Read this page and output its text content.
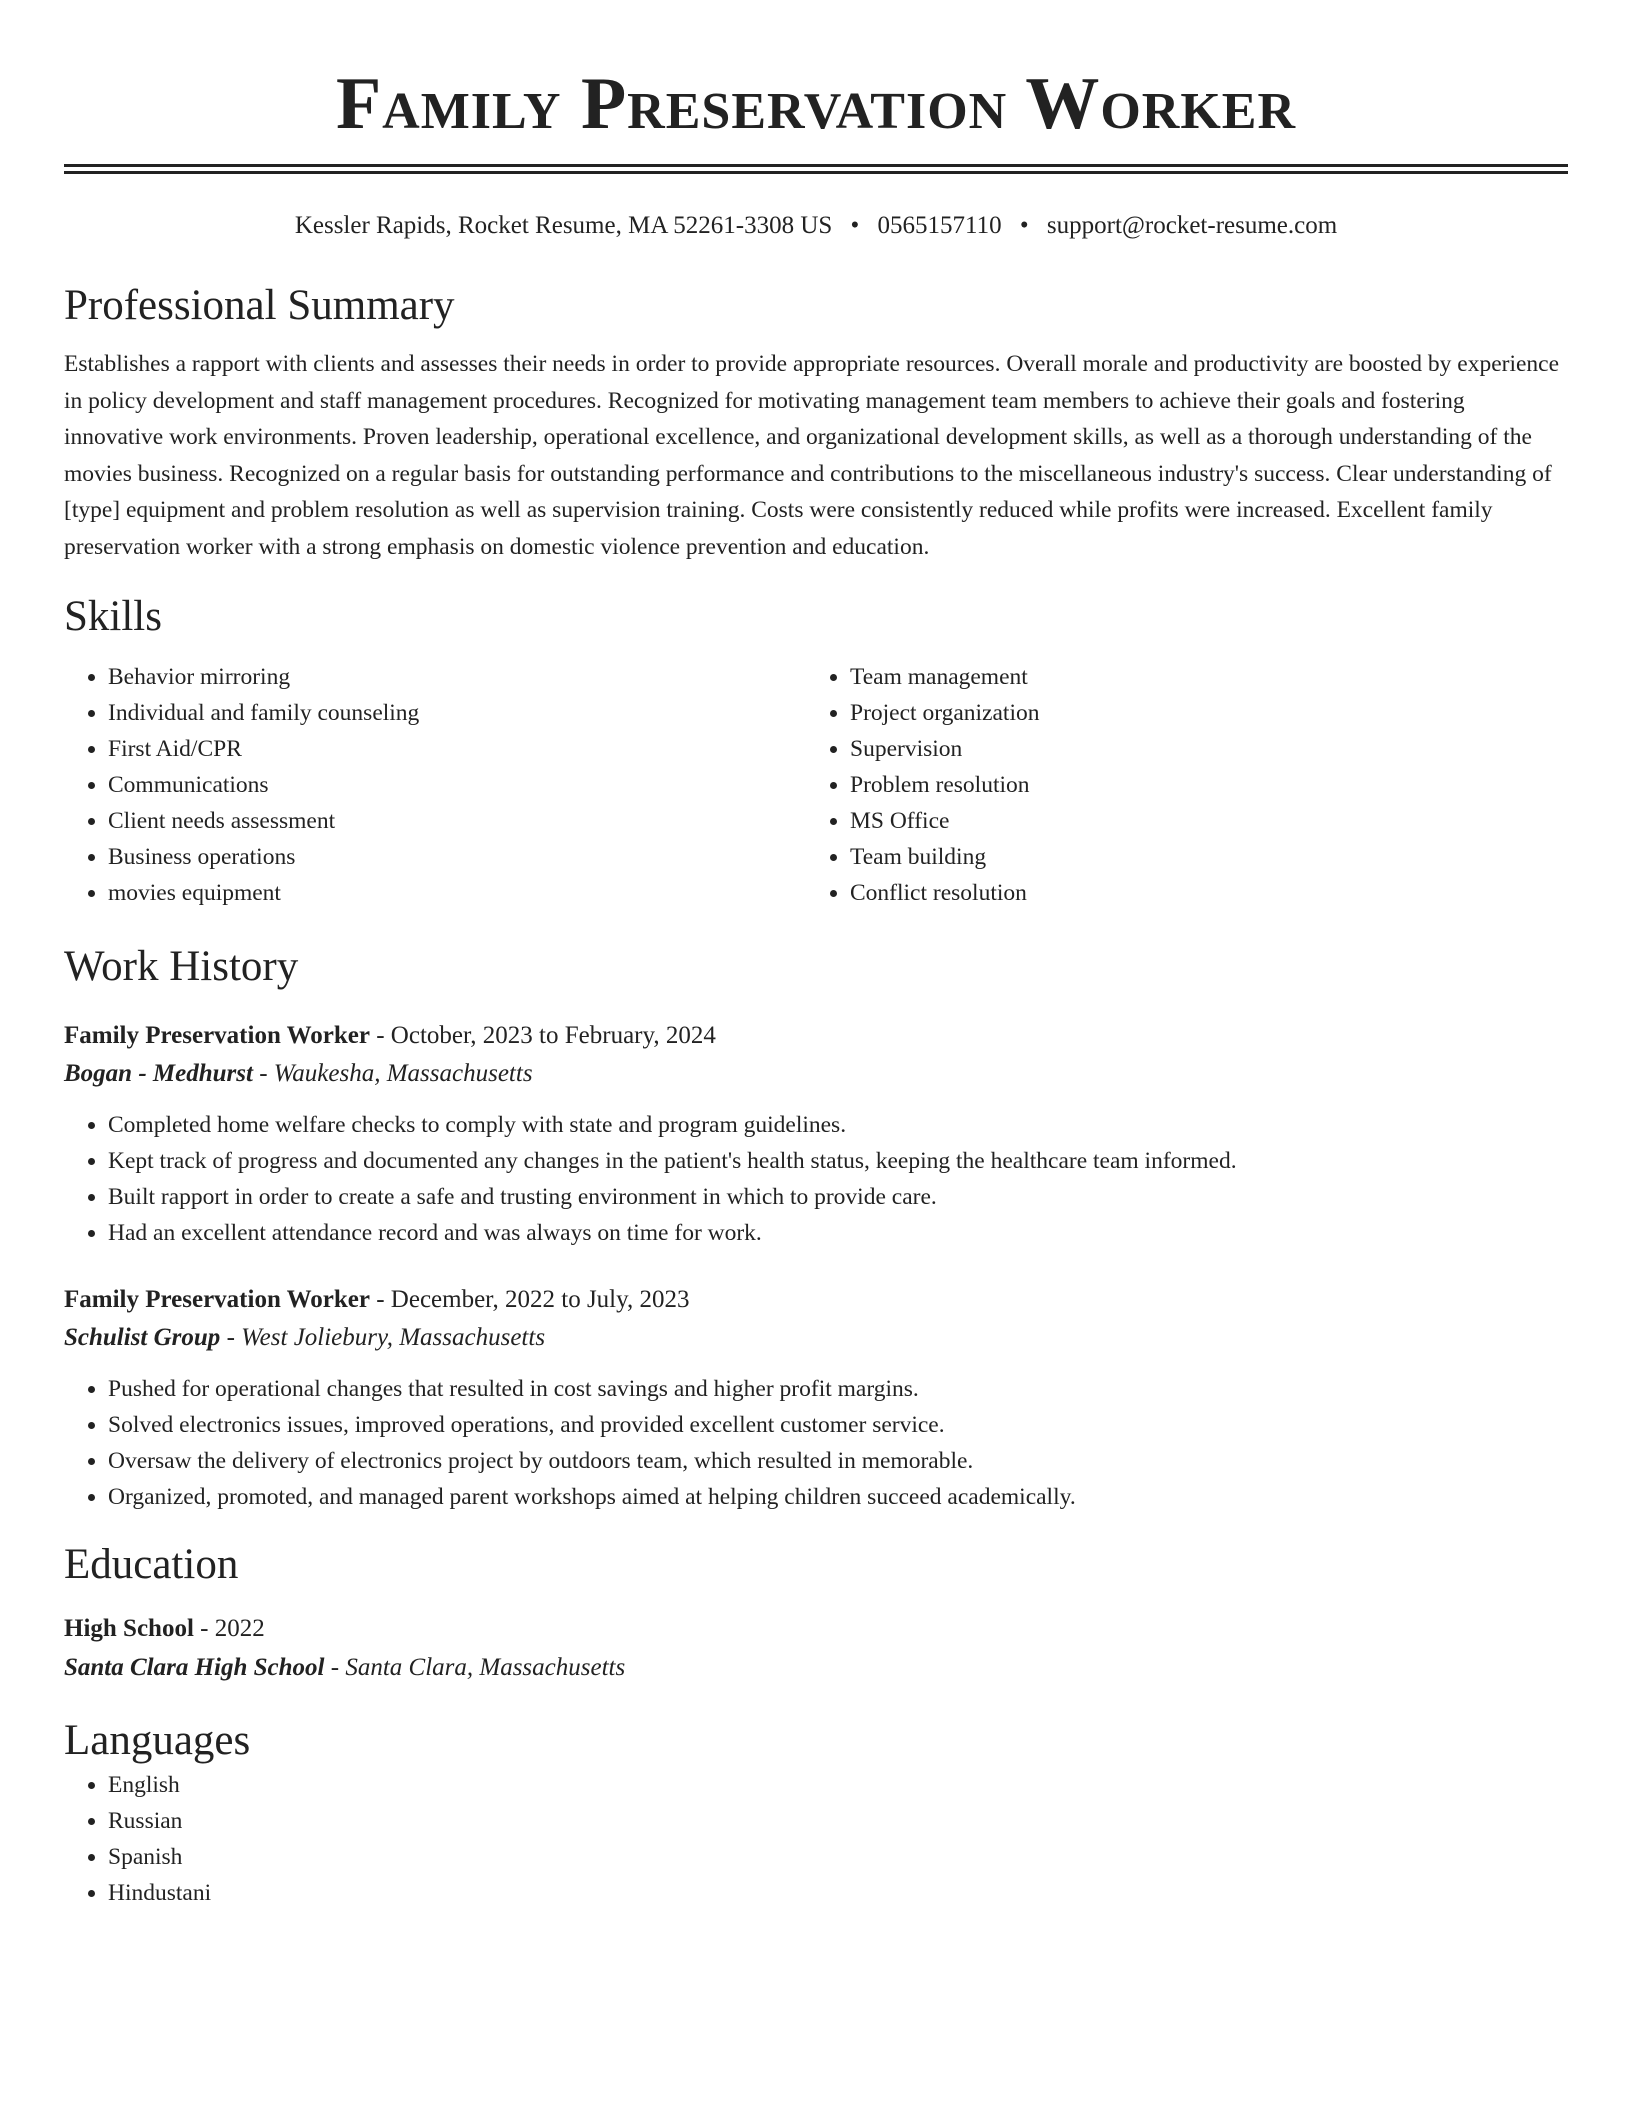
Family Preservation Worker
Kessler Rapids, Rocket Resume, MA 52261-3308 US • 0565157110 • support@rocket-resume.com
Professional Summary

Establishes a rapport with clients and assesses their needs in order to provide appropriate resources. Overall morale and productivity are boosted by experience in policy development and staff management procedures. Recognized for motivating management team members to achieve their goals and fostering innovative work environments. Proven leadership, operational excellence, and organizational development skills, as well as a thorough understanding of the movies business. Recognized on a regular basis for outstanding performance and contributions to the miscellaneous industry's success. Clear understanding of [type] equipment and problem resolution as well as supervision training. Costs were consistently reduced while profits were increased. Excellent family preservation worker with a strong emphasis on domestic violence prevention and education.

Skills
• Behavior mirroring
• Individual and family counseling
• First Aid/CPR
• Communications
• Client needs assessment
• Business operations
• movies equipment
• Team management
• Project organization
• Supervision
• Problem resolution
• MS Office
• Team building
• Conflict resolution
Work History
Family Preservation Worker - October, 2023 to February, 2024
Bogan - Medhurst - Waukesha, Massachusetts
• Completed home welfare checks to comply with state and program guidelines.
• Kept track of progress and documented any changes in the patient's health status, keeping the healthcare team informed.
• Built rapport in order to create a safe and trusting environment in which to provide care.
• Had an excellent attendance record and was always on time for work.
Family Preservation Worker - December, 2022 to July, 2023
Schulist Group - West Joliebury, Massachusetts
• Pushed for operational changes that resulted in cost savings and higher profit margins.
• Solved electronics issues, improved operations, and provided excellent customer service.
• Oversaw the delivery of electronics project by outdoors team, which resulted in memorable.
• Organized, promoted, and managed parent workshops aimed at helping children succeed academically.
Education
High School - 2022
Santa Clara High School - Santa Clara, Massachusetts
Languages
• English
• Russian
• Spanish
• Hindustani
